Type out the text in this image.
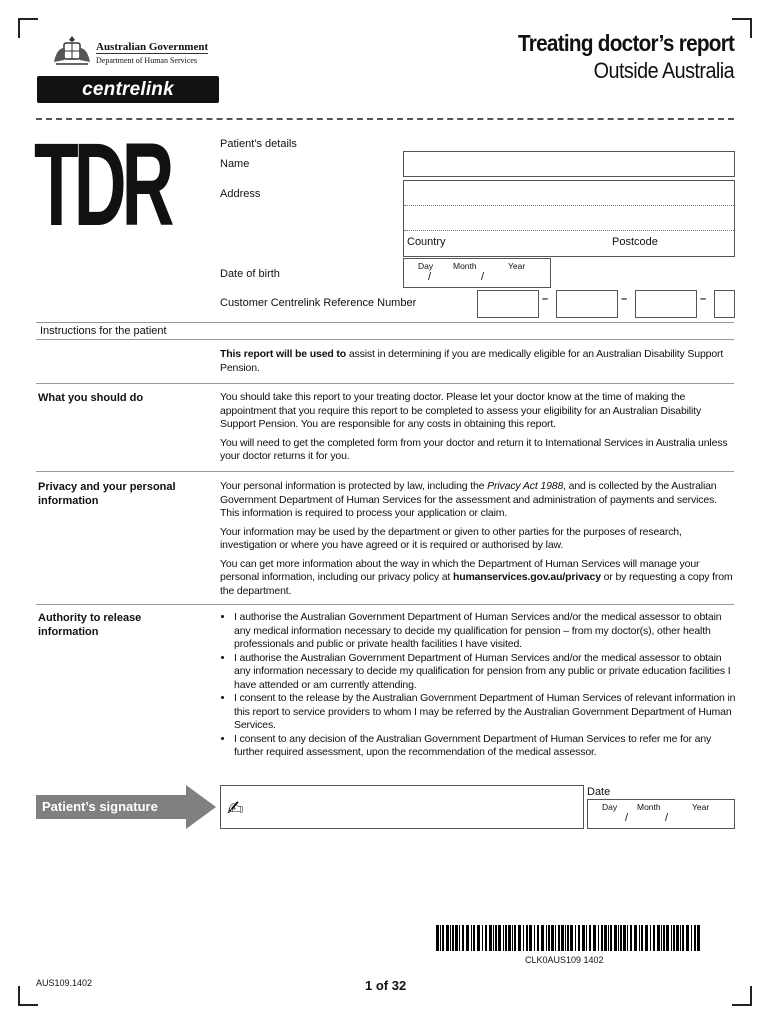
Australian Government
Department of Human Services
centrelink
Treating doctor’s report
Outside Australia
TDR	Patient’s details
Name
Address
Country	Postcode
Date of birth
Day Month	Year
/	/
Customer Centrelink Reference Number	–	–	–
Instructions for the patient

This report will be used to assist in determining if you are medically eligible for an Australian Disability Support Pension.

What you should do	You should take this report to your treating doctor. Please let your doctor know at the time of making the appointment that you require this report to be completed to assess your eligibility for an Australian Disability Support Pension. You are responsible for any costs in obtaining this report.

You will need to get the completed form from your doctor and return it to International Services in Australia unless your doctor returns it for you.

Privacy and your personal information

Your personal information is protected by law, including the Privacy Act 1988, and is collected by the Australian Government Department of Human Services for the assessment and administration of payments and services. This information is required to process your application or claim.

Your information may be used by the department or given to other parties for the purposes of research, investigation or where you have agreed or it is required or authorised by law.

You can get more information about the way in which the Department of Human Services will manage your personal information, including our privacy policy at humanservices.gov.au/privacy or by requesting a copy from the department.

Authority to release information
• I authorise the Australian Government Department of Human Services and/or the medical assessor to obtain any medical information necessary to decide my qualification for pension – from my doctor(s), other health professionals and public or private health facilities I have visited.
• I authorise the Australian Government Department of Human Services and/or the medical assessor to obtain any information necessary to decide my qualification for pension from any public or private education facilities I have attended or am currently attending.
• I consent to the release by the Australian Government Department of Human Services of relevant information in this report to service providers to whom I may be referred by the Australian Government Department of Human Services.
• I consent to any decision of the Australian Government Department of Human Services to refer me for any further required assessment, upon the recommendation of the medical assessor.
Patient’s signature	✍
Date
Day Month	Year
/	/
CLK0AUS109 1402
AUS109.1402	1 of 32
